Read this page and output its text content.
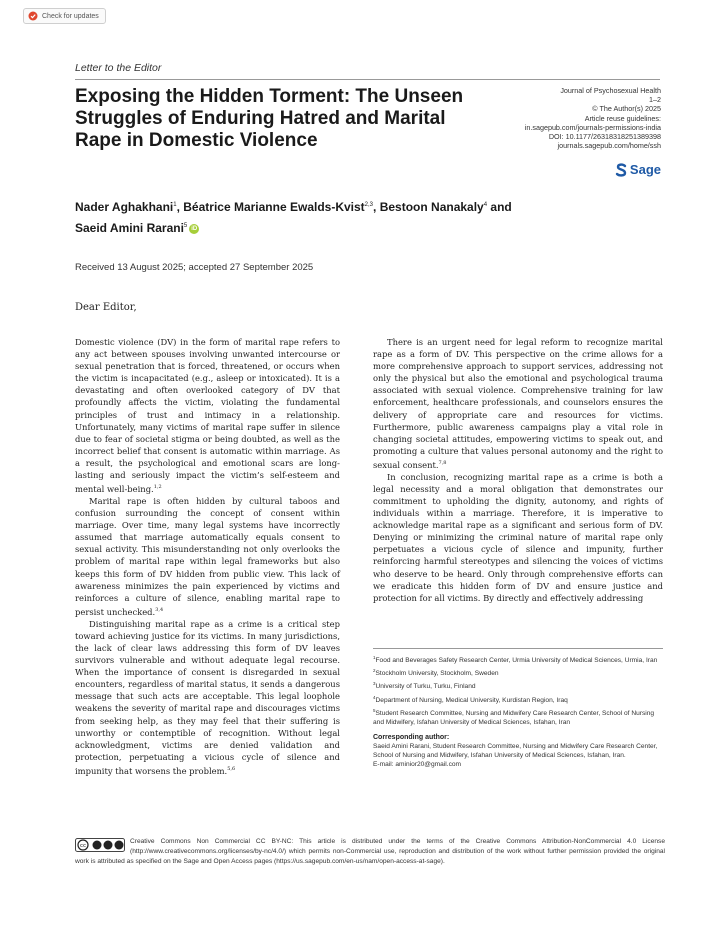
Check for updates
Letter to the Editor
Exposing the Hidden Torment: The Unseen Struggles of Enduring Hatred and Marital Rape in Domestic Violence
Journal of Psychosexual Health
1–2
© The Author(s) 2025
Article reuse guidelines:
in.sagepub.com/journals-permissions-india
DOI: 10.1177/26318318251389398
journals.sagepub.com/home/ssh
Sage
Nader Aghakhani$^1$, Béatrice Marianne Ewalds-Kvist$^{2,3}$, Bestoon Nanakaly$^4$ and
Saeid Amini Rarani$^5$ iD
Received 13 August 2025; accepted 27 September 2025
Dear Editor,

Domestic violence (DV) in the form of marital rape refers to any act between spouses involving unwanted intercourse or sexual penetration that is forced, threatened, or occurs when the victim is incapacitated (e.g., asleep or intoxicated). It is a devastating and often overlooked category of DV that profoundly affects the victim, violating the fundamental principles of trust and intimacy in a relationship. Unfortunately, many victims of marital rape suffer in silence due to fear of societal stigma or being doubted, as well as the incorrect belief that consent is automatic within marriage. As a result, the psychological and emotional scars are long-lasting and seriously impact the victim’s self-esteem and mental well-being.$^{1,2}$

Marital rape is often hidden by cultural taboos and confusion surrounding the concept of consent within marriage. Over time, many legal systems have incorrectly assumed that marriage automatically equals consent to sexual activity. This misunderstanding not only overlooks the problem of marital rape within legal frameworks but also keeps this form of DV hidden from public view. This lack of awareness minimizes the pain experienced by victims and reinforces a culture of silence, enabling marital rape to persist unchecked.$^{3,4}$

Distinguishing marital rape as a crime is a critical step toward achieving justice for its victims. In many jurisdictions, the lack of clear laws addressing this form of DV leaves survivors vulnerable and without adequate legal recourse. When the importance of consent is disregarded in sexual encounters, regardless of marital status, it sends a dangerous message that such acts are acceptable. This legal loophole weakens the severity of marital rape and discourages victims from seeking help, as they may feel that their suffering is unworthy or contemptible of recognition. Without legal acknowledgment, victims are denied validation and protection, perpetuating a vicious cycle of silence and impunity that worsens the problem.$^{5,6}$

There is an urgent need for legal reform to recognize marital rape as a form of DV. This perspective on the crime allows for a more comprehensive approach to support services, addressing not only the physical but also the emotional and psychological trauma associated with sexual violence. Comprehensive training for law enforcement, healthcare professionals, and counselors ensures the delivery of appropriate care and resources for victims. Furthermore, public awareness campaigns play a vital role in changing societal attitudes, empowering victims to speak out, and promoting a culture that values personal autonomy and the right to sexual consent.$^{7,8}$

In conclusion, recognizing marital rape as a crime is both a legal necessity and a moral obligation that demonstrates our commitment to upholding the dignity, autonomy, and rights of individuals within a marriage. Therefore, it is imperative to acknowledge marital rape as a significant and serious form of DV. Denying or minimizing the criminal nature of marital rape only perpetuates a vicious cycle of silence and impunity, further reinforcing harmful stereotypes and silencing the voices of victims who deserve to be heard. Only through comprehensive efforts can we eradicate this hidden form of DV and ensure justice and protection for all victims. By directly and effectively addressing

$^1$Food and Beverages Safety Research Center, Urmia University of Medical Sciences, Urmia, Iran

$^2$Stockholm University, Stockholm, Sweden

$^3$University of Turku, Turku, Finland

$^4$Department of Nursing, Medical University, Kurdistan Region, Iraq

$^5$Student Research Committee, Nursing and Midwifery Care Research Center, School of Nursing and Midwifery, Isfahan University of Medical Sciences, Isfahan, Iran

Corresponding author:
Saeid Amini Rarani, Student Research Committee, Nursing and Midwifery Care Research Center, School of Nursing and Midwifery, Isfahan University of Medical Sciences, Isfahan, Iran.
E-mail: aminior20@gmail.com
cc
Creative Commons Non Commercial CC BY-NC: This article is distributed under the terms of the Creative Commons Attribution-NonCommercial 4.0 License (http://www.creativecommons.org/licenses/by-nc/4.0/) which permits non-Commercial use, reproduction and distribution of the work without further permission provided the original work is attributed as specified on the Sage and Open Access pages (https://us.sagepub.com/en-us/nam/open-access-at-sage).
